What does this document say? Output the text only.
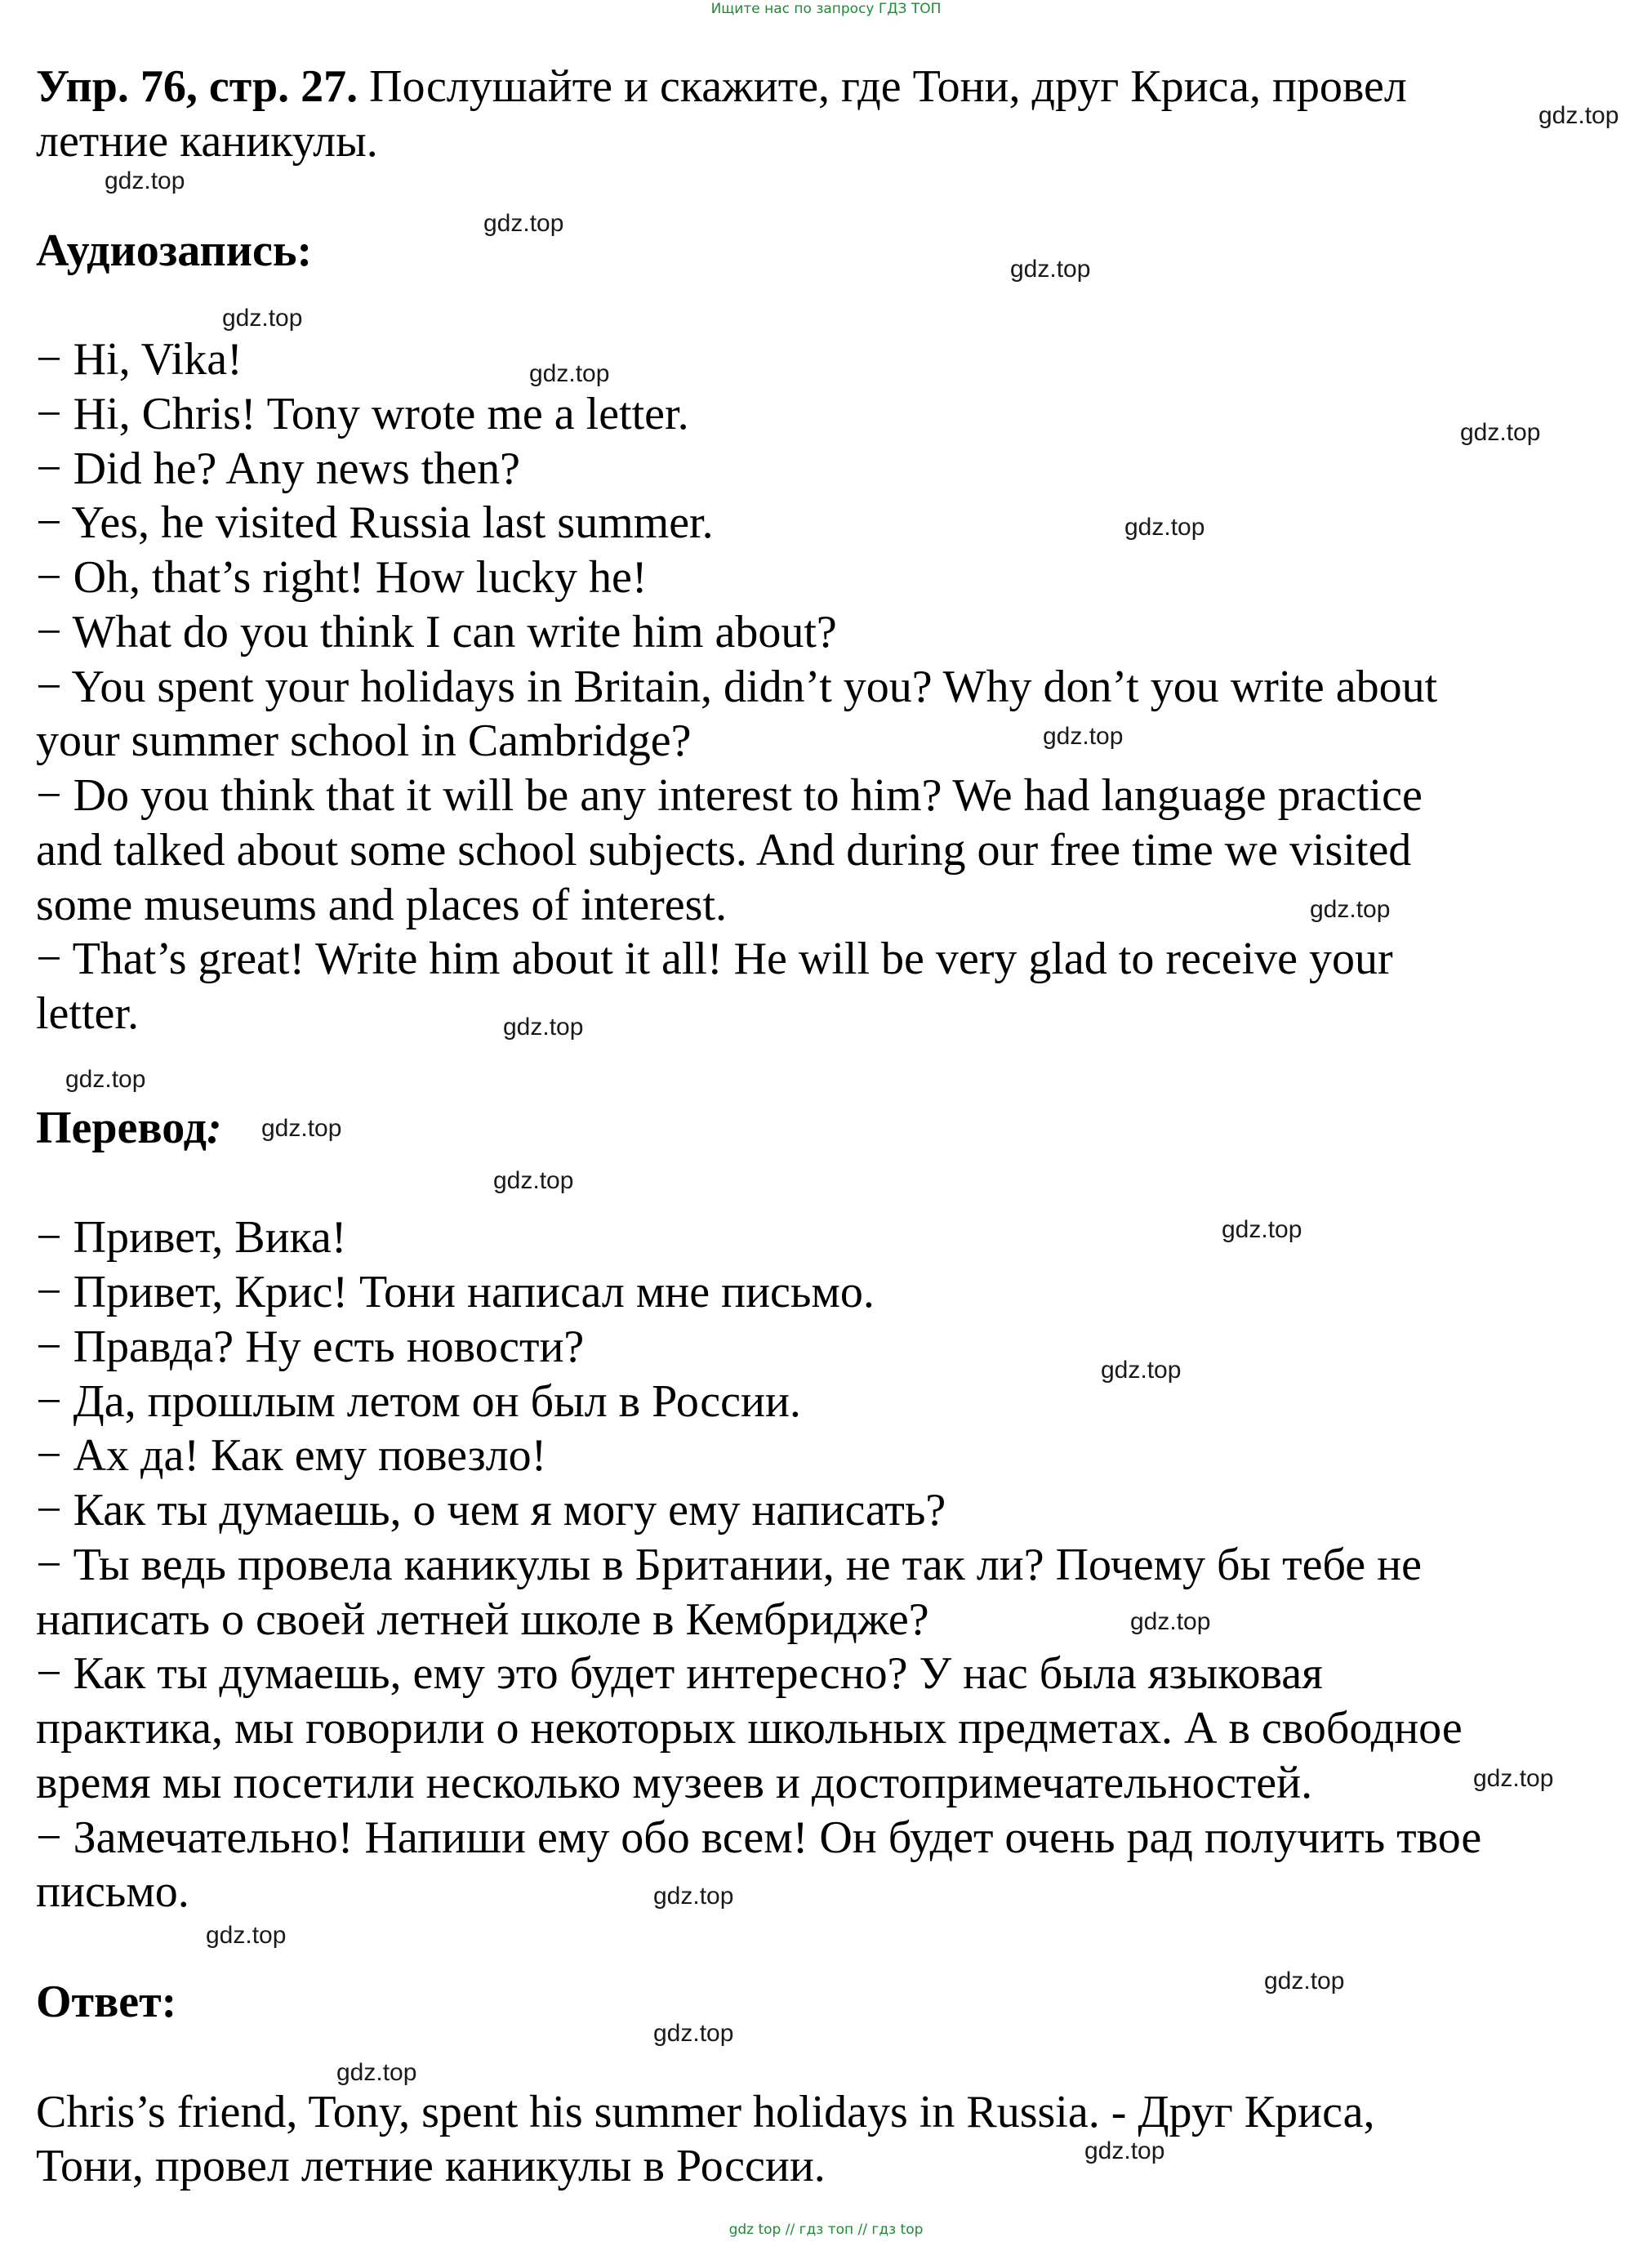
Ищите нас по запросу ГДЗ ТОП
Упр. 76, стр. 27. Послушайте и скажите, где Тони, друг Криса, провел
летние каникулы.
Аудиозапись:
− Hi, Vika!
− Hi, Chris! Tony wrote me a letter.
− Did he? Any news then?
− Yes, he visited Russia last summer.
− Oh, that’s right! How lucky he!
− What do you think I can write him about?
− You spent your holidays in Britain, didn’t you? Why don’t you write about
your summer school in Cambridge?
− Do you think that it will be any interest to him? We had language practice
and talked about some school subjects. And during our free time we visited
some museums and places of interest.
− That’s great! Write him about it all! He will be very glad to receive your
letter.
Перевод:
− Привет, Вика!
− Привет, Крис! Тони написал мне письмо.
− Правда? Ну есть новости?
− Да, прошлым летом он был в России.
− Ах да! Как ему повезло!
− Как ты думаешь, о чем я могу ему написать?
− Ты ведь провела каникулы в Британии, не так ли? Почему бы тебе не
написать о своей летней школе в Кембридже?
− Как ты думаешь, ему это будет интересно? У нас была языковая
практика, мы говорили о некоторых школьных предметах. А в свободное
время мы посетили несколько музеев и достопримечательностей.
− Замечательно! Напиши ему обо всем! Он будет очень рад получить твое
письмо.
Ответ:
Chris’s friend, Tony, spent his summer holidays in Russia. - Друг Криса,
Тони, провел летние каникулы в России.
gdz.top
gdz.top
gdz.top
gdz.top
gdz.top
gdz.top
gdz.top
gdz.top
gdz.top
gdz.top
gdz.top
gdz.top
gdz.top
gdz.top
gdz.top
gdz.top
gdz.top
gdz.top
gdz.top
gdz.top
gdz.top
gdz.top
gdz.top
gdz.top
gdz top // гдз топ // гдз top
